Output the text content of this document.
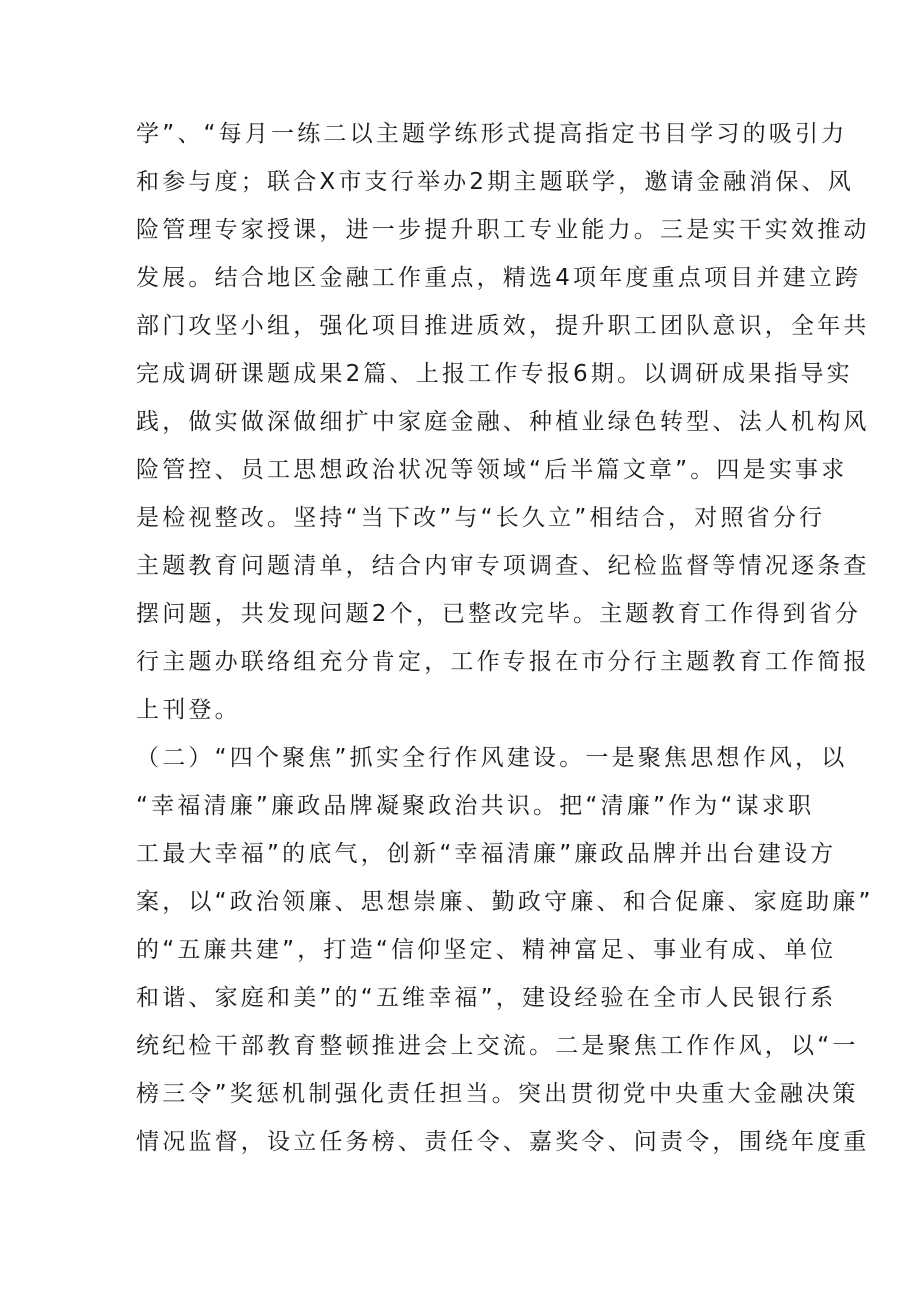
学”、“每月一练二以主题学练形式提高指定书目学习的吸引力
和参与度；联合X市支行举办2期主题联学，邀请金融消保、风
险管理专家授课，进一步提升职工专业能力。三是实干实效推动
发展。结合地区金融工作重点，精选4项年度重点项目并建立跨
部门攻坚小组，强化项目推进质效，提升职工团队意识，全年共
完成调研课题成果2篇、上报工作专报6期。以调研成果指导实
践，做实做深做细扩中家庭金融、种植业绿色转型、法人机构风
险管控、员工思想政治状况等领域“后半篇文章”。四是实事求
是检视整改。坚持“当下改”与“长久立”相结合，对照省分行
主题教育问题清单，结合内审专项调查、纪检监督等情况逐条查
摆问题，共发现问题2个，已整改完毕。主题教育工作得到省分
行主题办联络组充分肯定，工作专报在市分行主题教育工作简报
上刊登。
（二）“四个聚焦”抓实全行作风建设。一是聚焦思想作风，以
“幸福清廉”廉政品牌凝聚政治共识。把“清廉”作为“谋求职
工最大幸福”的底气，创新“幸福清廉”廉政品牌并出台建设方
案，以“政治领廉、思想崇廉、勤政守廉、和合促廉、家庭助廉”
的“五廉共建”，打造“信仰坚定、精神富足、事业有成、单位
和谐、家庭和美”的“五维幸福”，建设经验在全市人民银行系
统纪检干部教育整顿推进会上交流。二是聚焦工作作风，以“一
榜三令”奖惩机制强化责任担当。突出贯彻党中央重大金融决策
情况监督，设立任务榜、责任令、嘉奖令、问责令，围绕年度重
